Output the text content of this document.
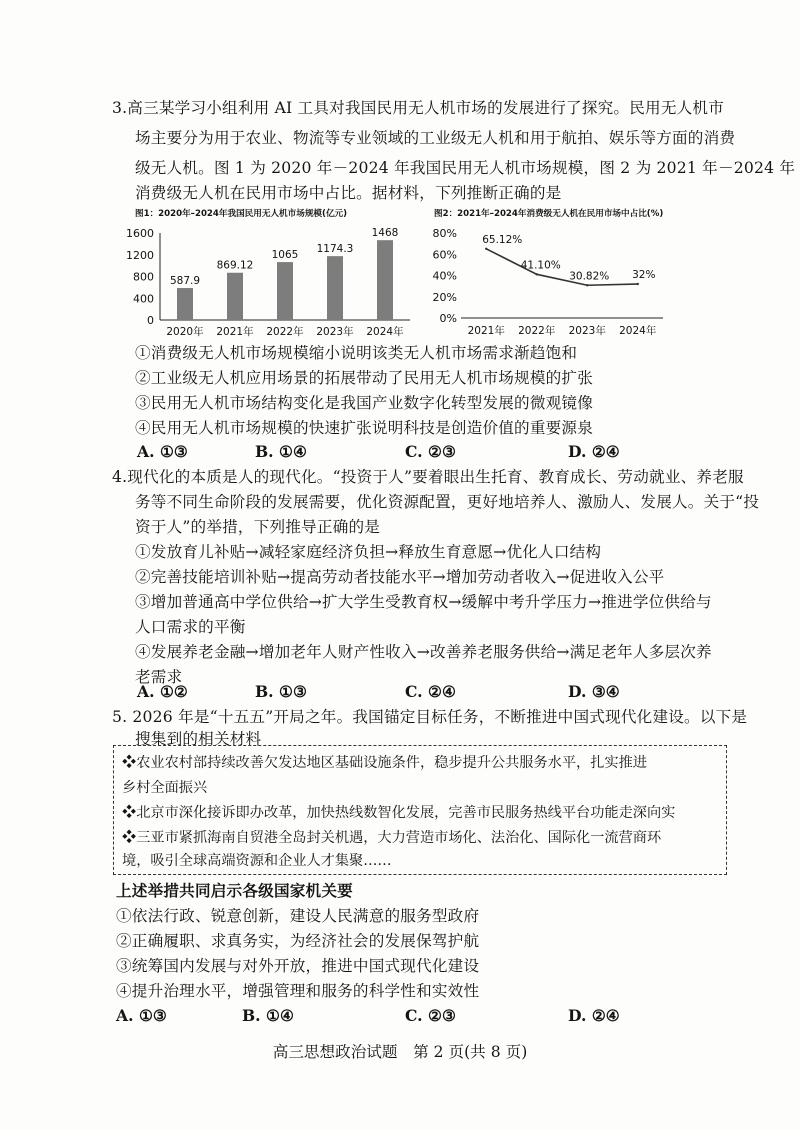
3.高三某学习小组利用 AI 工具对我国民用无人机市场的发展进行了探究。民用无人机市
场主要分为用于农业、物流等专业领域的工业级无人机和用于航拍、娱乐等方面的消费
级无人机。图 1 为 2020 年－2024 年我国民用无人机市场规模，图 2 为 2021 年－2024 年
消费级无人机在民用市场中占比。据材料，下列推断正确的是
图1：2020年–2024年我国民用无人机市场规模(亿元)
0
400
800
1200
1600
587.9
2020年
869.12
2021年
1065
2022年
1174.3
2023年
1468
2024年
图2：2021年–2024年消费级无人机在民用市场中占比(%)
0%
20%
40%
60%
80% 65.12%
2021年
41.10%
2022年
30.82%
2023年
32%
2024年
①消费级无人机市场规模缩小说明该类无人机市场需求渐趋饱和
②工业级无人机应用场景的拓展带动了民用无人机市场规模的扩张
③民用无人机市场结构变化是我国产业数字化转型发展的微观镜像
④民用无人机市场规模的快速扩张说明科技是创造价值的重要源泉
A. ①③	B. ①④	C. ②③	D. ②④
4.现代化的本质是人的现代化。“投资于人”要着眼出生托育、教育成长、劳动就业、养老服
务等不同生命阶段的发展需要，优化资源配置，更好地培养人、激励人、发展人。关于“投
资于人”的举措，下列推导正确的是
①发放育儿补贴→减轻家庭经济负担→释放生育意愿→优化人口结构
②完善技能培训补贴→提高劳动者技能水平→增加劳动者收入→促进收入公平
③增加普通高中学位供给→扩大学生受教育权→缓解中考升学压力→推进学位供给与
人口需求的平衡
④发展养老金融→增加老年人财产性收入→改善养老服务供给→满足老年人多层次养
老需求
A. ①②	B. ①③	C. ②④	D. ③④
5. 2026 年是“十五五”开局之年。我国锚定目标任务，不断推进中国式现代化建设。以下是
搜集到的相关材料
❖农业农村部持续改善欠发达地区基础设施条件，稳步提升公共服务水平，扎实推进
乡村全面振兴
❖北京市深化接诉即办改革，加快热线数智化发展，完善市民服务热线平台功能走深向实
❖三亚市紧抓海南自贸港全岛封关机遇，大力营造市场化、法治化、国际化一流营商环
境，吸引全球高端资源和企业人才集聚……
上述举措共同启示各级国家机关要
①依法行政、锐意创新，建设人民满意的服务型政府
②正确履职、求真务实，为经济社会的发展保驾护航
③统筹国内发展与对外开放，推进中国式现代化建设
④提升治理水平，增强管理和服务的科学性和实效性
A. ①③	B. ①④	C. ②③	D. ②④
高三思想政治试题　第 2 页(共 8 页)
